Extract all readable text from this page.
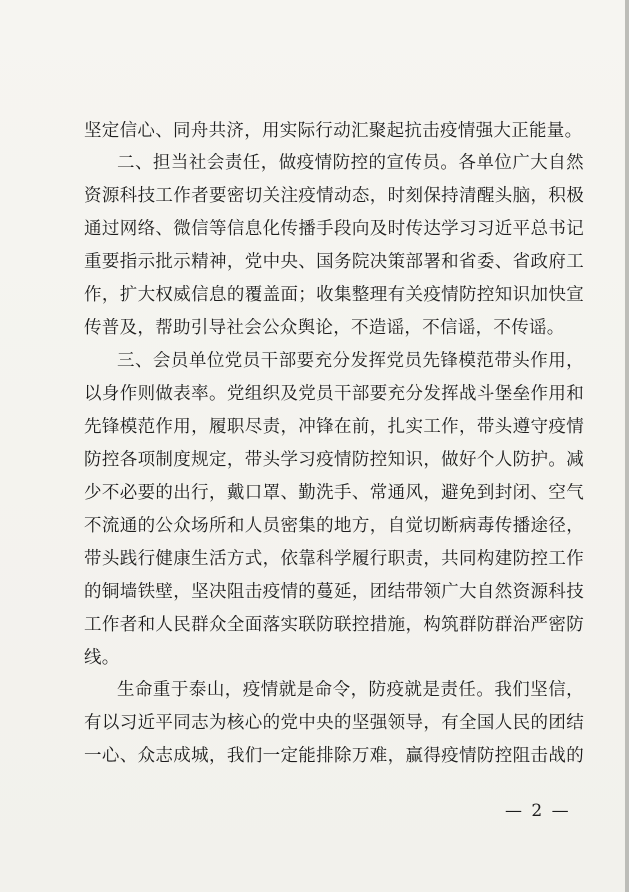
坚定信心、同舟共济，用实际行动汇聚起抗击疫情强大正能量。
二、担当社会责任，做疫情防控的宣传员。各单位广大自然
资源科技工作者要密切关注疫情动态，时刻保持清醒头脑，积极
通过网络、微信等信息化传播手段向及时传达学习习近平总书记
重要指示批示精神，党中央、国务院决策部署和省委、省政府工
作，扩大权威信息的覆盖面；收集整理有关疫情防控知识加快宣
传普及，帮助引导社会公众舆论，不造谣，不信谣，不传谣。
三、会员单位党员干部要充分发挥党员先锋模范带头作用，
以身作则做表率。党组织及党员干部要充分发挥战斗堡垒作用和
先锋模范作用，履职尽责，冲锋在前，扎实工作，带头遵守疫情
防控各项制度规定，带头学习疫情防控知识，做好个人防护。减
少不必要的出行，戴口罩、勤洗手、常通风，避免到封闭、空气
不流通的公众场所和人员密集的地方，自觉切断病毒传播途径，
带头践行健康生活方式，依靠科学履行职责，共同构建防控工作
的铜墙铁壁，坚决阻击疫情的蔓延，团结带领广大自然资源科技
工作者和人民群众全面落实联防联控措施，构筑群防群治严密防
线。
生命重于泰山，疫情就是命令，防疫就是责任。我们坚信，
有以习近平同志为核心的党中央的坚强领导，有全国人民的团结
一心、众志成城，我们一定能排除万难，赢得疫情防控阻击战的
— 2 —
